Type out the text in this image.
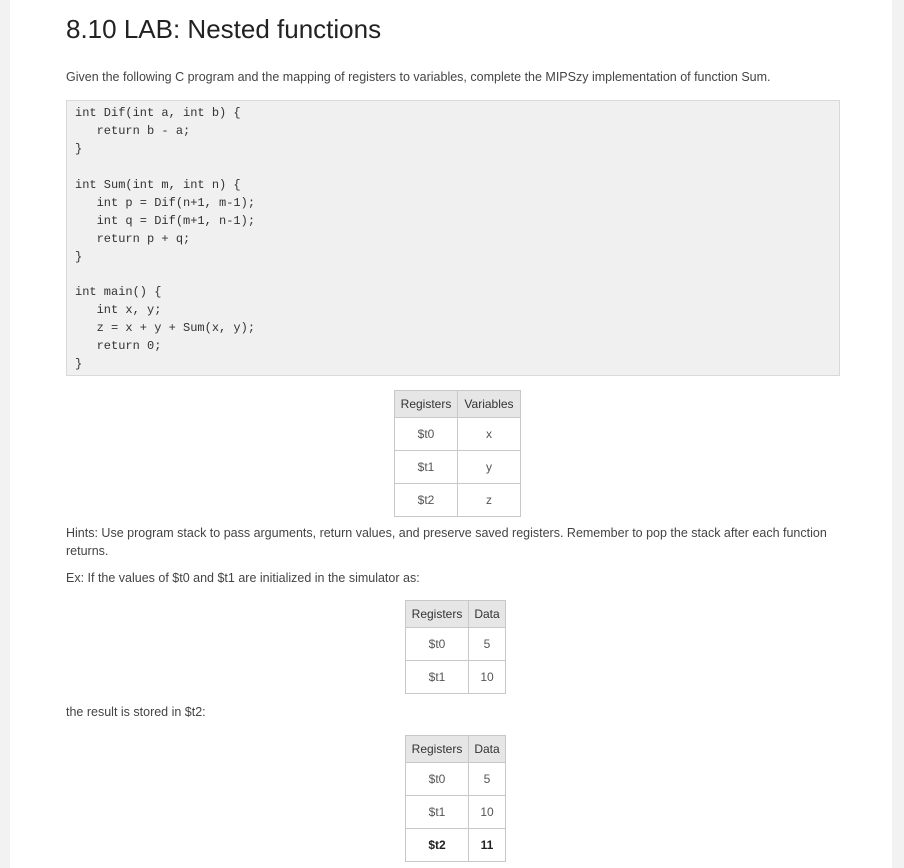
8.10 LAB: Nested functions

Given the following C program and the mapping of registers to variables, complete the MIPSzy implementation of function Sum.

int Dif(int a, int b) {
return b - a;
}
int Sum(int m, int n) {
int p = Dif(n+1, m-1);
int q = Dif(m+1, n-1);
return p + q;
}
int main() {
int x, y;
z = x + y + Sum(x, y);
return 0;
}
Registers	Variables
$t0	x
$t1	y
$t2	z

Hints: Use program stack to pass arguments, return values, and preserve saved registers. Remember to pop the stack after each function returns.

Ex: If the values of $t0 and $t1 are initialized in the simulator as:

Registers	Data
$t0	5
$t1	10

the result is stored in $t2:

Registers	Data
$t0	5
$t1	10
$t2	11
